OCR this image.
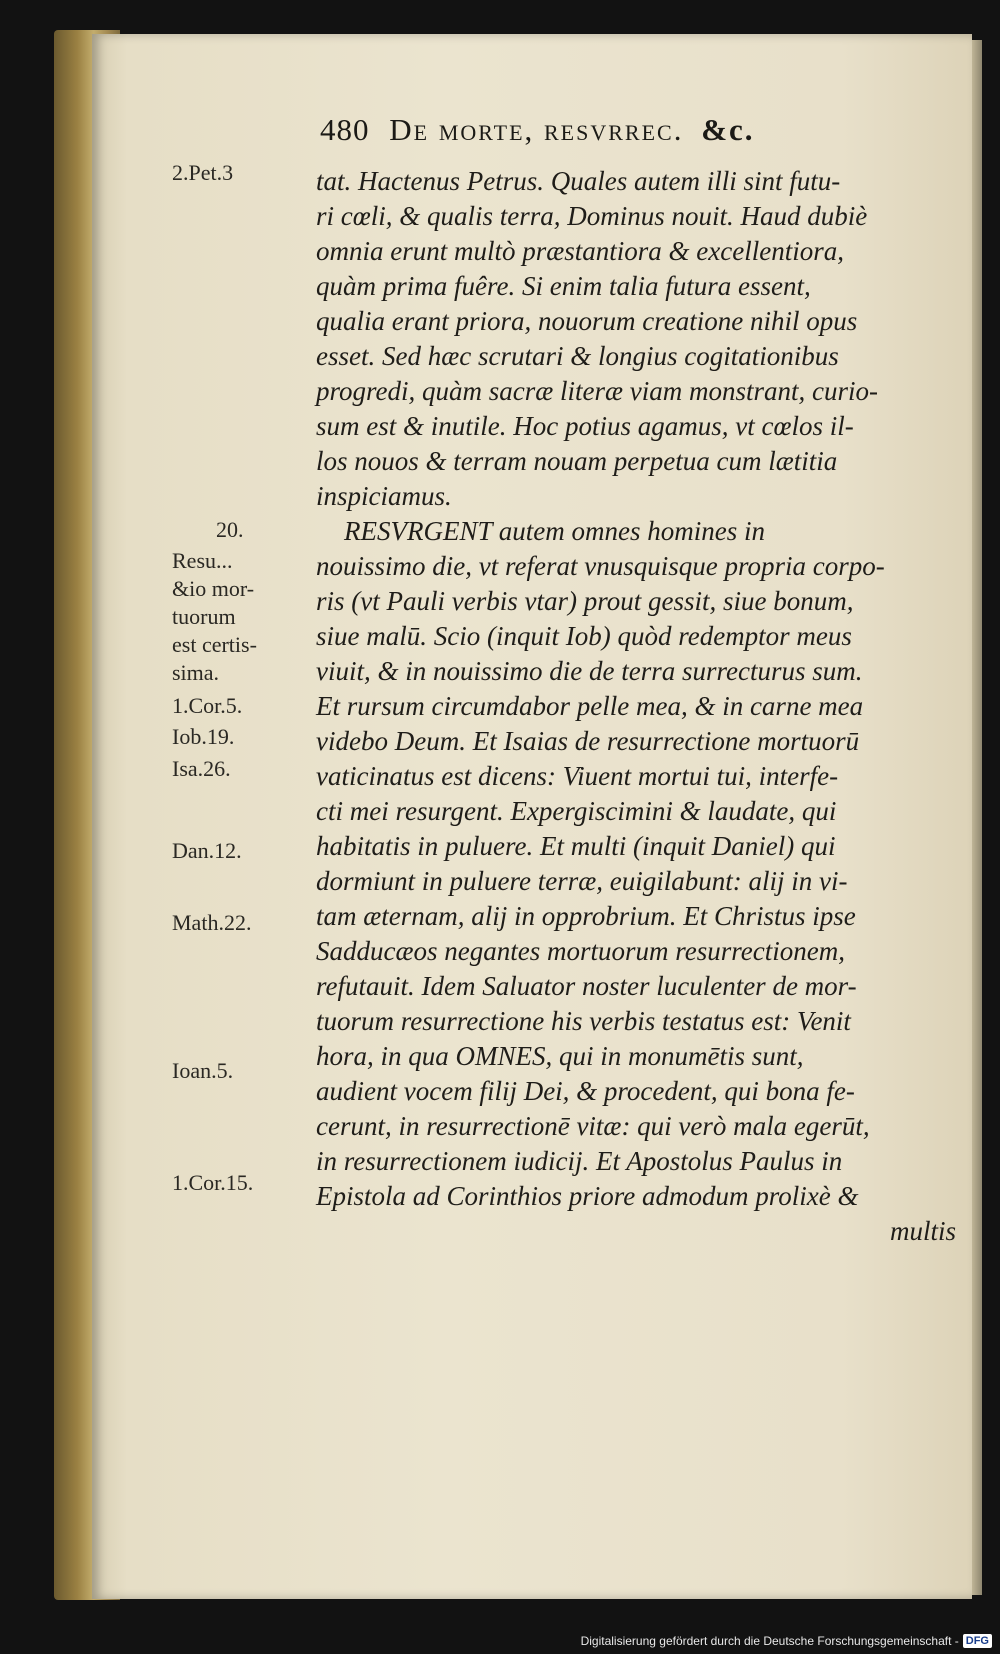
480 De morte, resvrrec. &c.
2.Pet.3
20.
Resu...
&io mor-
tuorum
est certis-
sima.
1.Cor.5.
Iob.19.
Isa.26.
Dan.12.
Math.22.
Ioan.5.
1.Cor.15.
tat. Hactenus Petrus. Quales autem illi sint futu-
ri cœli, & qualis terra, Dominus nouit. Haud dubiè
omnia erunt multò præstantiora & excellentiora,
quàm prima fuêre. Si enim talia futura essent,
qualia erant priora, nouorum creatione nihil opus
esset. Sed hæc scrutari & longius cogitationibus
progredi, quàm sacræ literæ viam monstrant, curio-
sum est & inutile. Hoc potius agamus, vt cœlos il-
los nouos & terram nouam perpetua cum lætitia
inspiciamus.
RESVRGENT autem omnes homines in
nouissimo die, vt referat vnusquisque propria corpo-
ris (vt Pauli verbis vtar) prout gessit, siue bonum,
siue malū. Scio (inquit Iob) quòd redemptor meus
viuit, & in nouissimo die de terra surrecturus sum.
Et rursum circumdabor pelle mea, & in carne mea
videbo Deum. Et Isaias de resurrectione mortuorū
vaticinatus est dicens: Viuent mortui tui, interfe-
cti mei resurgent. Expergiscimini & laudate, qui
habitatis in puluere. Et multi (inquit Daniel) qui
dormiunt in puluere terræ, euigilabunt: alij in vi-
tam æternam, alij in opprobrium. Et Christus ipse
Sadducæos negantes mortuorum resurrectionem,
refutauit. Idem Saluator noster luculenter de mor-
tuorum resurrectione his verbis testatus est: Venit
hora, in qua OMNES, qui in monumētis sunt,
audient vocem filij Dei, & procedent, qui bona fe-
cerunt, in resurrectionē vitæ: qui verò mala egerūt,
in resurrectionem iudicij. Et Apostolus Paulus in
Epistola ad Corinthios priore admodum prolixè &
multis
Digitalisierung gefördert durch die Deutsche Forschungsgemeinschaft - DFG
